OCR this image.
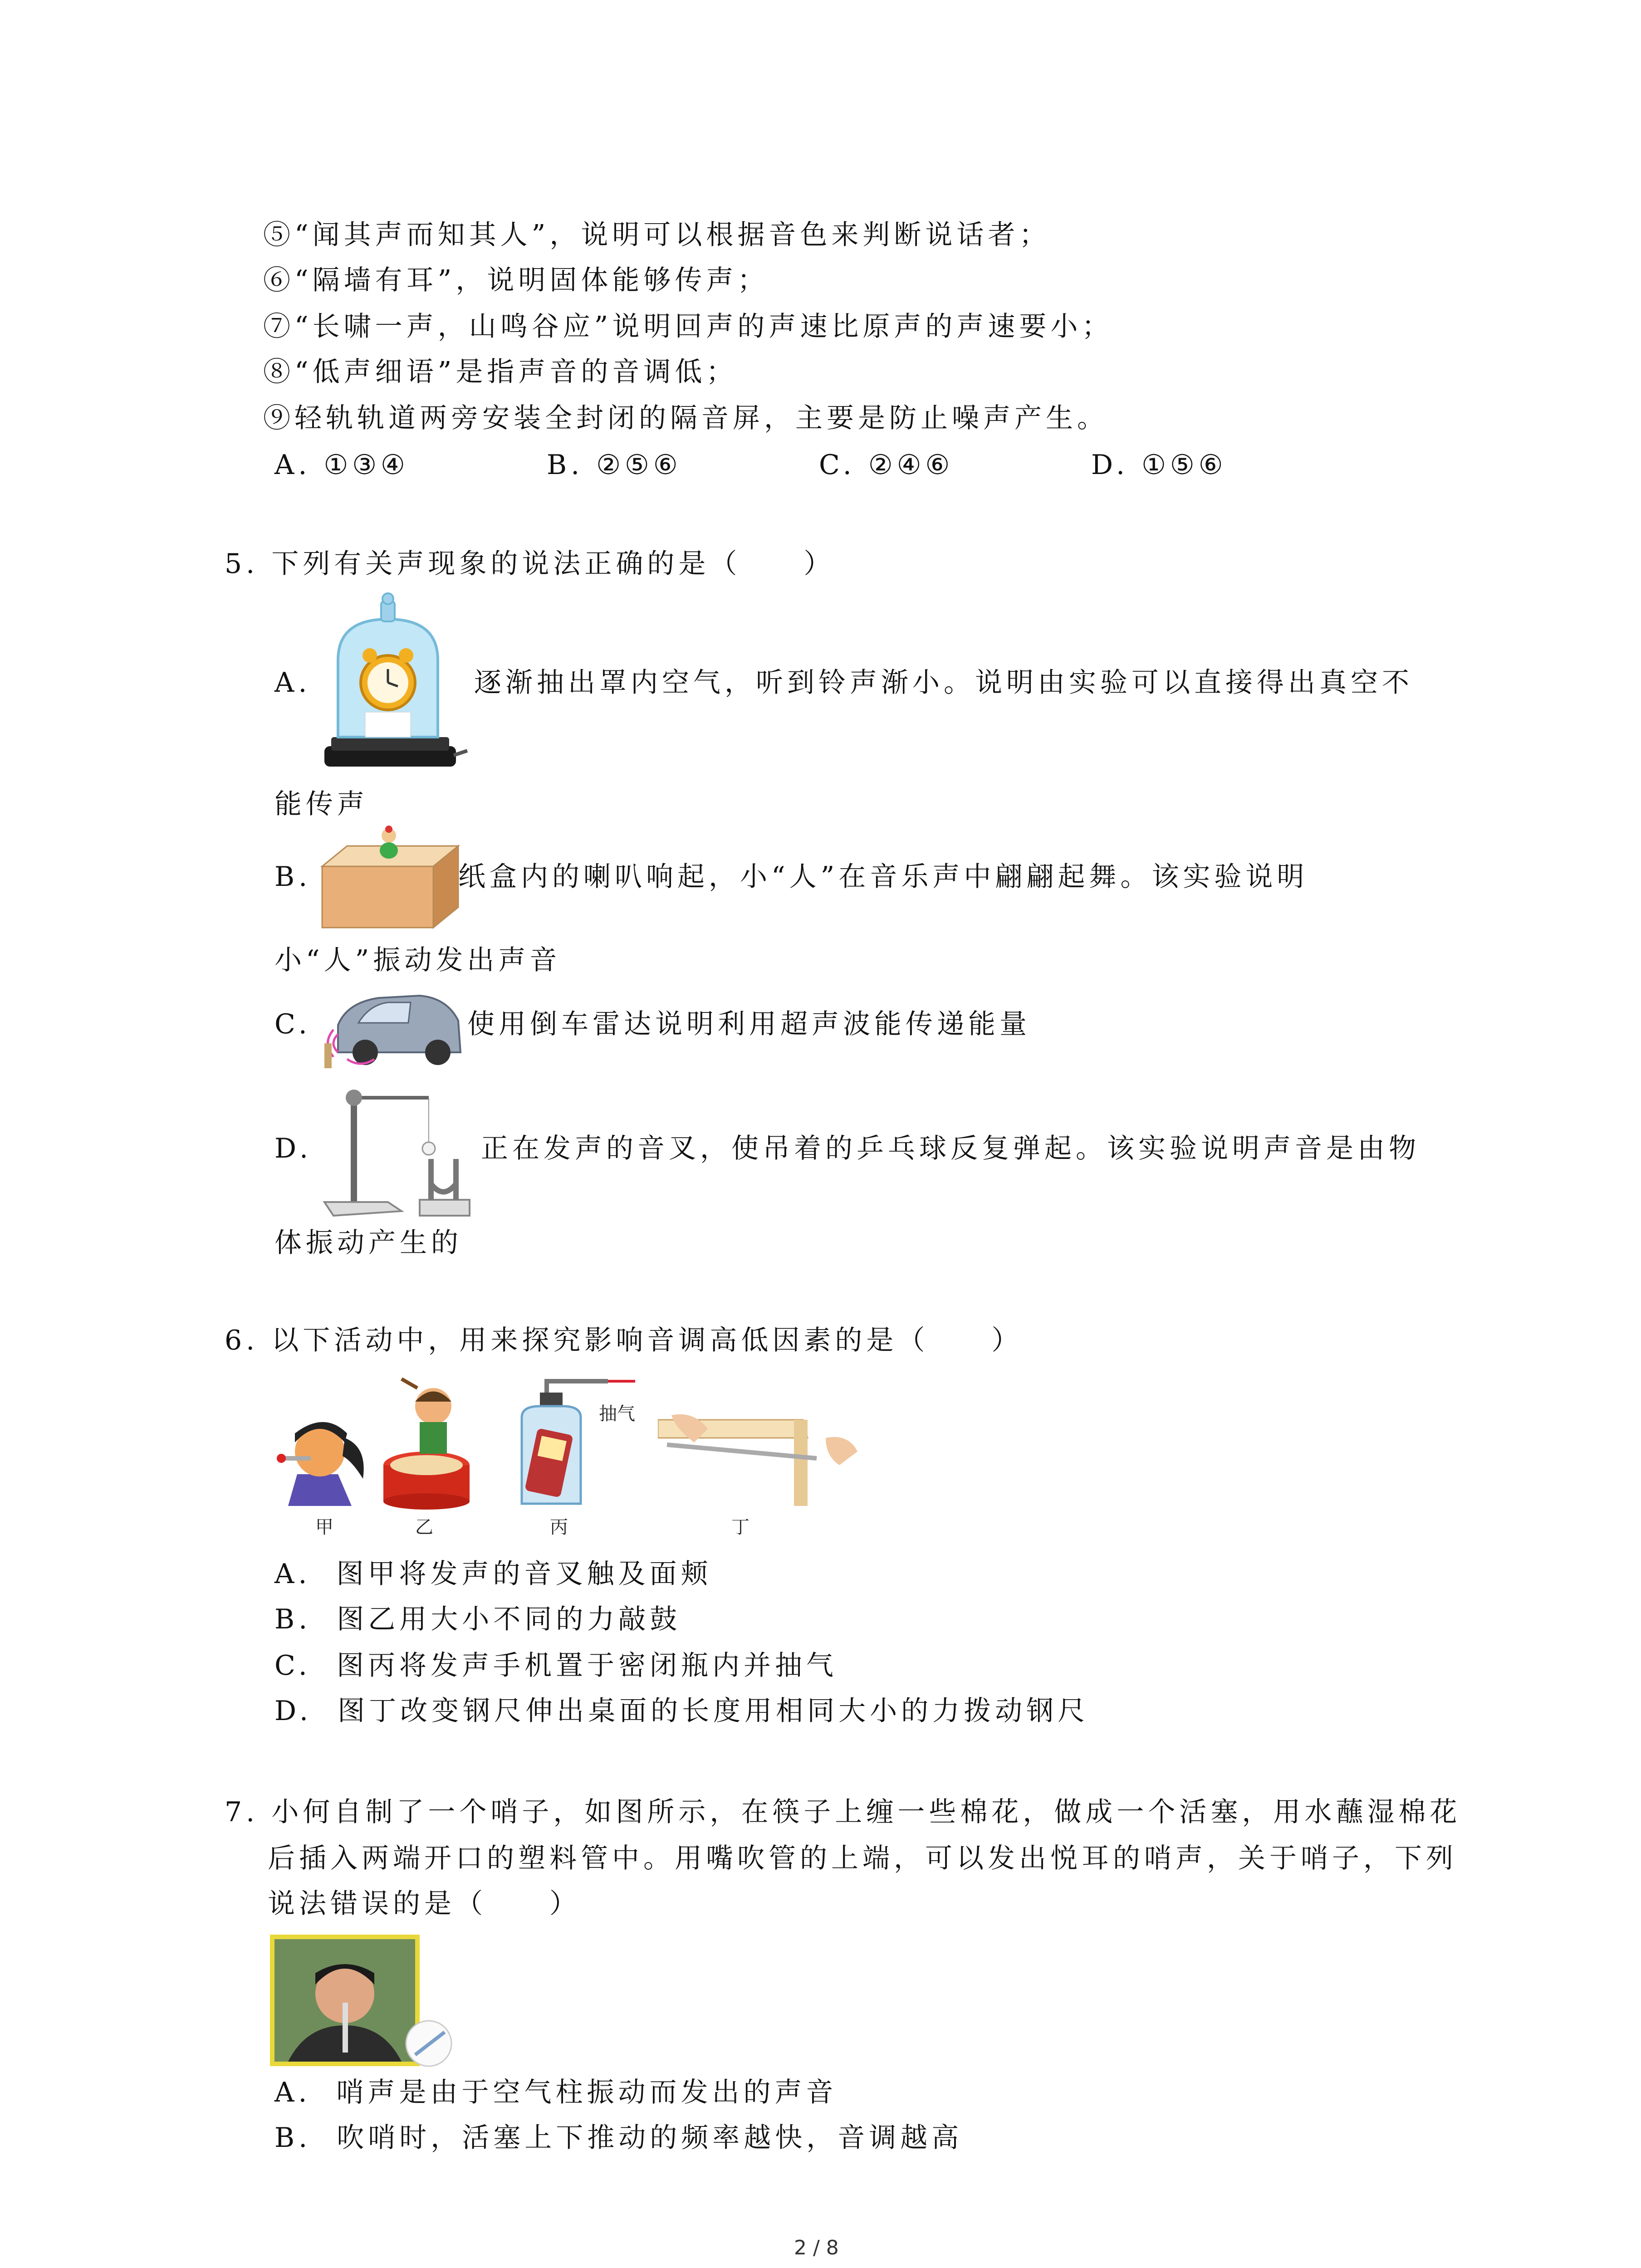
⑤“闻其声而知其人”，说明可以根据音色来判断说话者；
⑥“隔墙有耳”，说明固体能够传声；
⑦“长啸一声，山鸣谷应”说明回声的声速比原声的声速要小；
⑧“低声细语”是指声音的音调低；
⑨轻轨轨道两旁安装全封闭的隔音屏，主要是防止噪声产生。
A. ①③④	B. ②⑤⑥	C. ②④⑥	D. ①⑤⑥
5. 下列有关声现象的说法正确的是（　　）
A.	逐渐抽出罩内空气，听到铃声渐小。说明由实验可以直接得出真空不
能传声
B.	纸盒内的喇叭响起，小“人”在音乐声中翩翩起舞。该实验说明
小“人”振动发出声音
C.	使用倒车雷达说明利用超声波能传递能量
D.	正在发声的音叉，使吊着的乒乓球反复弹起。该实验说明声音是由物
体振动产生的
6. 以下活动中，用来探究影响音调高低因素的是（　　）
甲	乙
抽气
丙	丁
A.  图甲将发声的音叉触及面颊
B.  图乙用大小不同的力敲鼓
C.  图丙将发声手机置于密闭瓶内并抽气
D.  图丁改变钢尺伸出桌面的长度用相同大小的力拨动钢尺
7. 小何自制了一个哨子，如图所示，在筷子上缠一些棉花，做成一个活塞，用水蘸湿棉花
后插入两端开口的塑料管中。用嘴吹管的上端，可以发出悦耳的哨声，关于哨子，下列
说法错误的是（　　）
A.  哨声是由于空气柱振动而发出的声音
B.  吹哨时，活塞上下推动的频率越快，音调越高
2 / 8
